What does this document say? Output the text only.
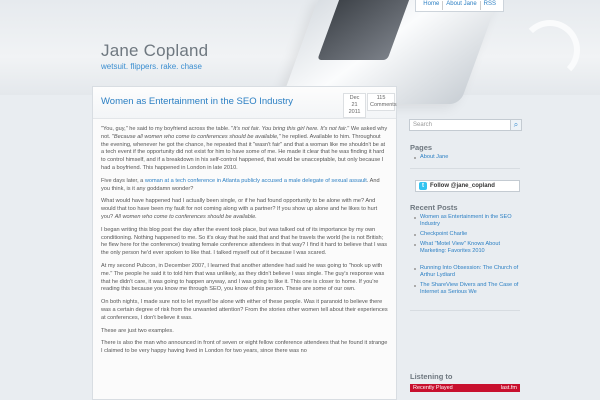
Home	About Jane	RSS
Jane Copland
wetsuit. flippers. rake. chase
Women as Entertainment in the SEO Industry	Dec 21
2011
115
Comments

"You, guy," he said to my boyfriend across the table. "It's not fair. You bring this girl here. It's not fair." We asked why not. "Because all women who come to conferences should be available," he replied. Available to him. Throughout the evening, whenever he got the chance, he repeated that it "wasn't fair" and that a woman like me shouldn't be at a tech event if the opportunity did not exist for him to have some of me. He made it clear that he was finding it hard to control himself, and if a breakdown in his self-control happened, that would be unacceptable, but only because I had a boyfriend. This happened in London in late 2010.

Five days later, a woman at a tech conference in Atlanta publicly accused a male delegate of sexual assault. And you think, is it any goddamn wonder?

What would have happened had I actually been single, or if he had found opportunity to be alone with me? And would that too have been my fault for not coming along with a partner? If you show up alone and he likes to hurt you? All women who come to conferences should be available.

I began writing this blog post the day after the event took place, but was talked out of its importance by my own conditioning. Nothing happened to me. So it's okay that he said that and that he travels the world (he is not British; he flew here for the conference) treating female conference attendees in that way? I find it hard to believe that I was the only person he'd ever spoken to like that. I talked myself out of it because I was scared.

At my second Pubcon, in December 2007, I learned that another attendee had said he was going to "hook up with me." The people he said it to told him that was unlikely, as they didn't believe I was single. The guy's response was that he didn't care, it was going to happen anyway, and I was going to like it. This one is closer to home. If you're reading this because you know me through SEO, you know of this person. These are some of our own.

On both nights, I made sure not to let myself be alone with either of these people. Was it paranoid to believe there was a certain degree of risk from the unwanted attention? From the stories other women tell about their experiences at conferences, I don't believe it was.

These are just two examples.

There is also the man who announced in front of seven or eight fellow conference attendees that he found it strange I claimed to be very happy having lived in London for two years, since there was no

Search	⌕
Pages
About Jane
t	Follow @jane_copland
Recent Posts
Women as Entertainment in the SEO Industry
Checkpoint Charlie
What "Motel View" Knows About Marketing: Favorites 2010
Running Into Obsession: The Church of Arthur Lydiard
The ShareView Divers and The Case of Internet as Serious We
Listening to
Recently Played	last.fm
